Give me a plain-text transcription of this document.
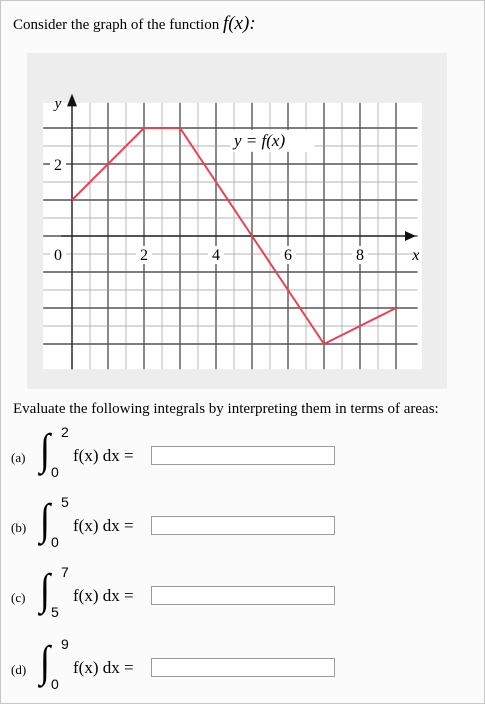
Consider the graph of the function f(x):
0	2	4	6	8
2
y
x
y = f(x)
Evaluate the following integrals by interpreting them in terms of areas:
(a) ∫ 2
0
f(x) dx =
(b) ∫ 5
0
f(x) dx =
(c) ∫ 7
5
f(x) dx =
(d) ∫ 9
0
f(x) dx =
